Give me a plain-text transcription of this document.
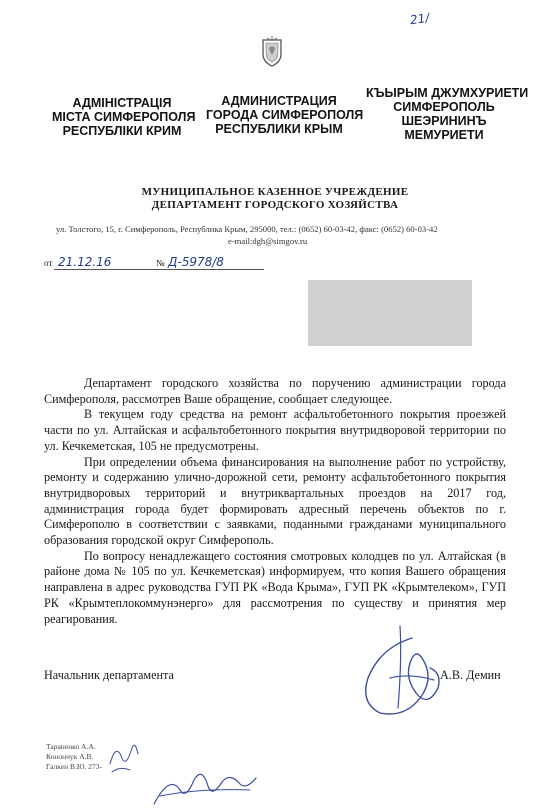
21/
АДМІНІСТРАЦІЯ
МІСТА СИМФЕРОПОЛЯ
РЕСПУБЛІКИ КРИМ
АДМИНИСТРАЦИЯ
ГОРОДА СИМФЕРОПОЛЯ
РЕСПУБЛИКИ КРЫМ
КЪЫРЫМ ДЖУМХУРИЕТИ
СИМФЕРОПОЛЬ
ШЕЭРИНИНЪ
МЕМУРИЕТИ
МУНИЦИПАЛЬНОЕ КАЗЕННОЕ УЧРЕЖДЕНИЕ
ДЕПАРТАМЕНТ ГОРОДСКОГО ХОЗЯЙСТВА
ул. Толстого, 15, г. Симферополь, Республика Крым, 295000, тел.: (0652) 60-03-42, факс: (0652) 60-03-42
e-mail:dgh@simgov.ru
от 21.12.16	№ Д-5978/8

Департамент городского хозяйства по поручению администрации города Симферополя, рассмотрев Ваше обращение, сообщает следующее.

В текущем году средства на ремонт асфальтобетонного покрытия проезжей части по ул. Алтайская и асфальтобетонного покрытия внутридворовой территории по ул. Кечкеметская, 105 не предусмотрены.

При определении объема финансирования на выполнение работ по устройству, ремонту и содержанию улично-дорожной сети, ремонту асфальтобетонного покрытия внутридворовых территорий и внутриквартальных проездов на 2017 год, администрация города будет формировать адресный перечень объектов по г. Симферополю в соответствии с заявками, поданными гражданами муниципального образования городской округ Симферополь.

По вопросу ненадлежащего состояния смотровых колодцев по ул. Алтайская (в районе дома № 105 по ул. Кечкеметская) информируем, что копия Вашего обращения направлена в адрес руководства ГУП РК «Вода Крыма», ГУП РК «Крымтелеком», ГУП РК «Крымтеплокоммунэнерго» для рассмотрения по существу и принятия мер реагирования.

Начальник департамента	А.В. Демин
Тараненко А.А.
Конончук А.В.
Галкен В.Ю. 273-
